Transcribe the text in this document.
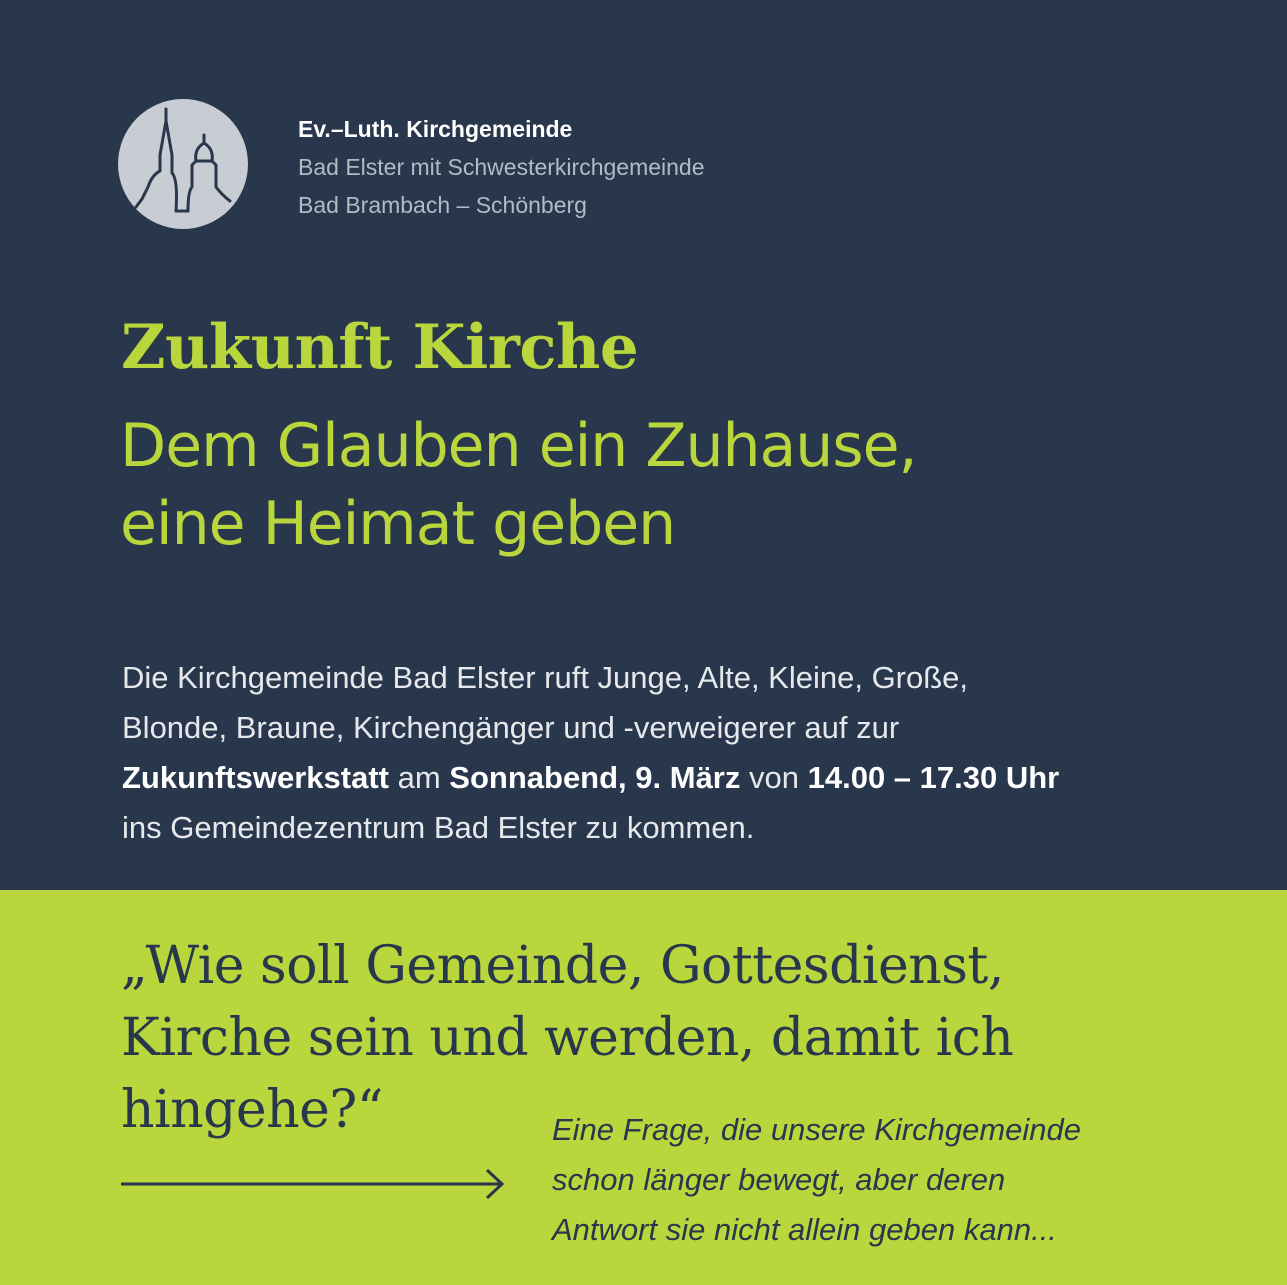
Ev.–Luth. Kirchgemeinde
Bad Elster mit Schwesterkirchgemeinde
Bad Brambach – Schönberg
Zukunft Kirche
Dem Glauben ein Zuhause,
eine Heimat geben
Die Kirchgemeinde Bad Elster ruft Junge, Alte, Kleine, Große,
Blonde, Braune, Kirchengänger und -verweigerer auf zur
Zukunftswerkstatt am Sonnabend, 9. März von 14.00 – 17.30 Uhr
ins Gemeindezentrum Bad Elster zu kommen.
„Wie soll Gemeinde, Gottesdienst,
Kirche sein und werden, damit ich
hingehe?“	Eine Frage, die unsere Kirchgemeinde
schon länger bewegt, aber deren
Antwort sie nicht allein geben kann...
